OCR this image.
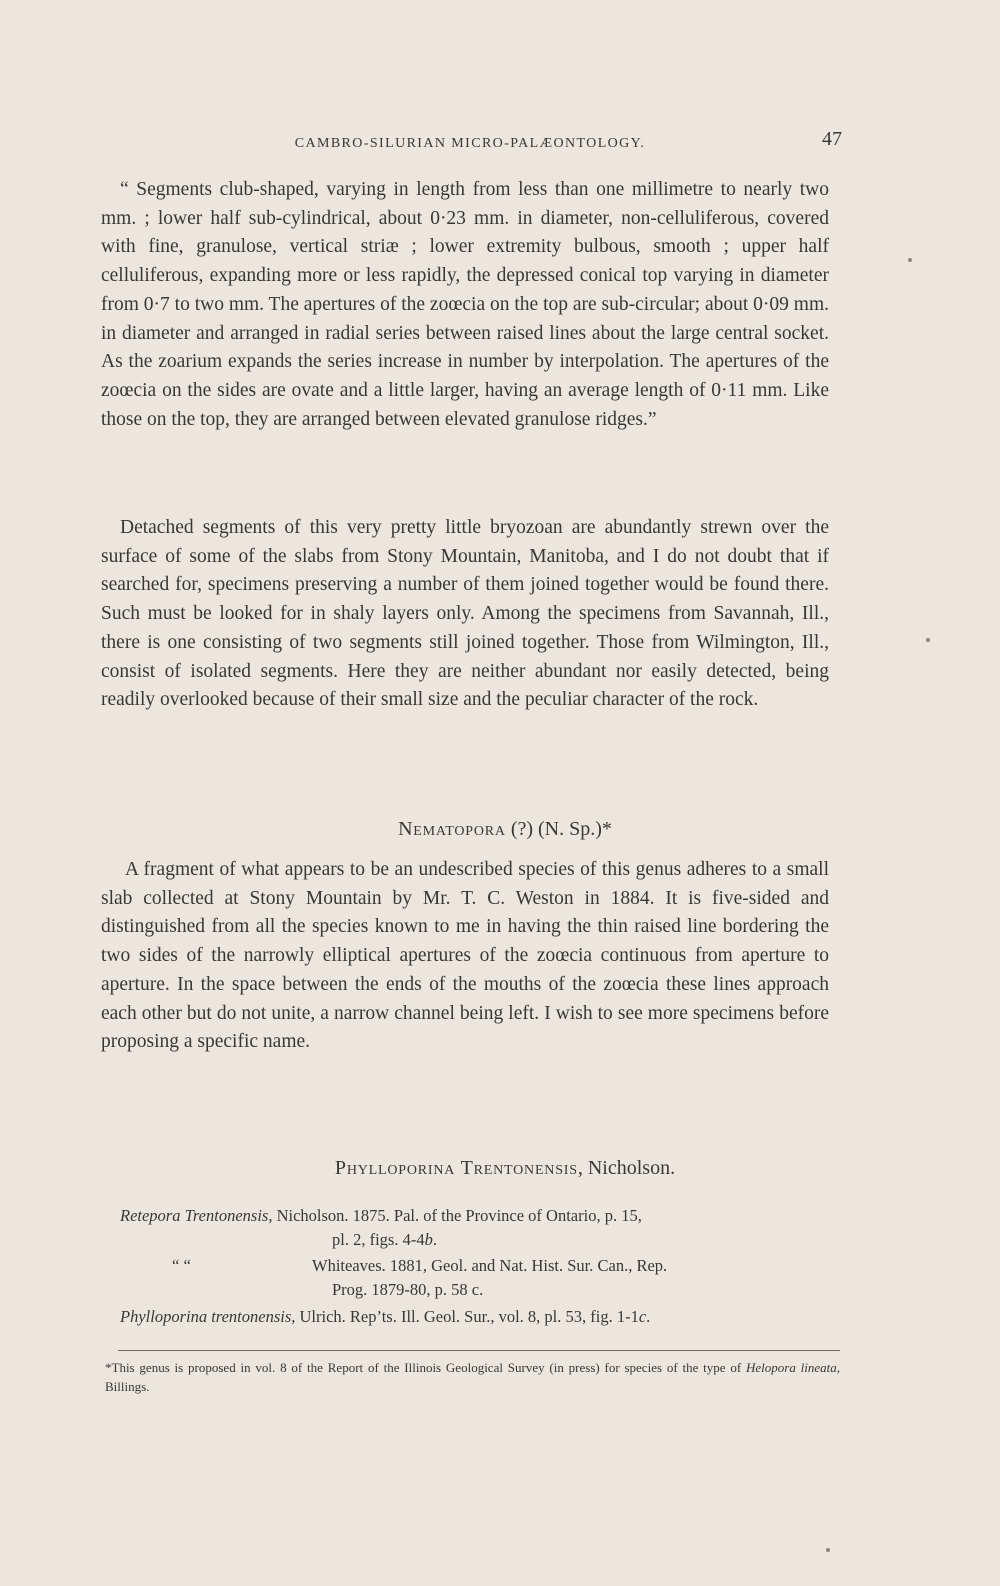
CAMBRO-SILURIAN MICRO-PALÆONTOLOGY.	47

“ Segments club-shaped, varying in length from less than one millimetre to nearly two mm. ; lower half sub-cylindrical, about 0·23 mm. in diameter, non-celluliferous, covered with fine, granulose, vertical striæ ; lower extremity bulbous, smooth ; upper half celluliferous, expanding more or less rapidly, the depressed conical top varying in diameter from 0·7 to two mm. The apertures of the zoœcia on the top are sub-circular; about 0·09 mm. in diameter and arranged in radial series between raised lines about the large central socket. As the zoarium expands the series increase in number by interpolation. The apertures of the zoœcia on the sides are ovate and a little larger, having an average length of 0·11 mm. Like those on the top, they are arranged between elevated granulose ridges.”

Detached segments of this very pretty little bryozoan are abundantly strewn over the surface of some of the slabs from Stony Mountain, Manitoba, and I do not doubt that if searched for, specimens preserving a number of them joined together would be found there. Such must be looked for in shaly layers only. Among the specimens from Savannah, Ill., there is one consisting of two segments still joined together. Those from Wilmington, Ill., consist of isolated segments. Here they are neither abundant nor easily detected, being readily overlooked because of their small size and the peculiar character of the rock.

Nematopora (?) (N. Sp.)*

A fragment of what appears to be an undescribed species of this genus adheres to a small slab collected at Stony Mountain by Mr. T. C. Weston in 1884. It is five-sided and distinguished from all the species known to me in having the thin raised line bordering the two sides of the narrowly elliptical apertures of the zoœcia continuous from aperture to aperture. In the space between the ends of the mouths of the zoœcia these lines approach each other but do not unite, a narrow channel being left. I wish to see more specimens before proposing a specific name.

Phylloporina Trentonensis, Nicholson.
Retepora Trentonensis, Nicholson. 1875. Pal. of the Province of Ontario, p. 15,
pl. 2, figs. 4-4b.
“ “	Whiteaves. 1881, Geol. and Nat. Hist. Sur. Can., Rep.
Prog. 1879-80, p. 58 c.
Phylloporina trentonensis, Ulrich. Rep’ts. Ill. Geol. Sur., vol. 8, pl. 53, fig. 1-1c.

*This genus is proposed in vol. 8 of the Report of the Illinois Geological Survey (in press) for species of the type of Helopora lineata, Billings.
